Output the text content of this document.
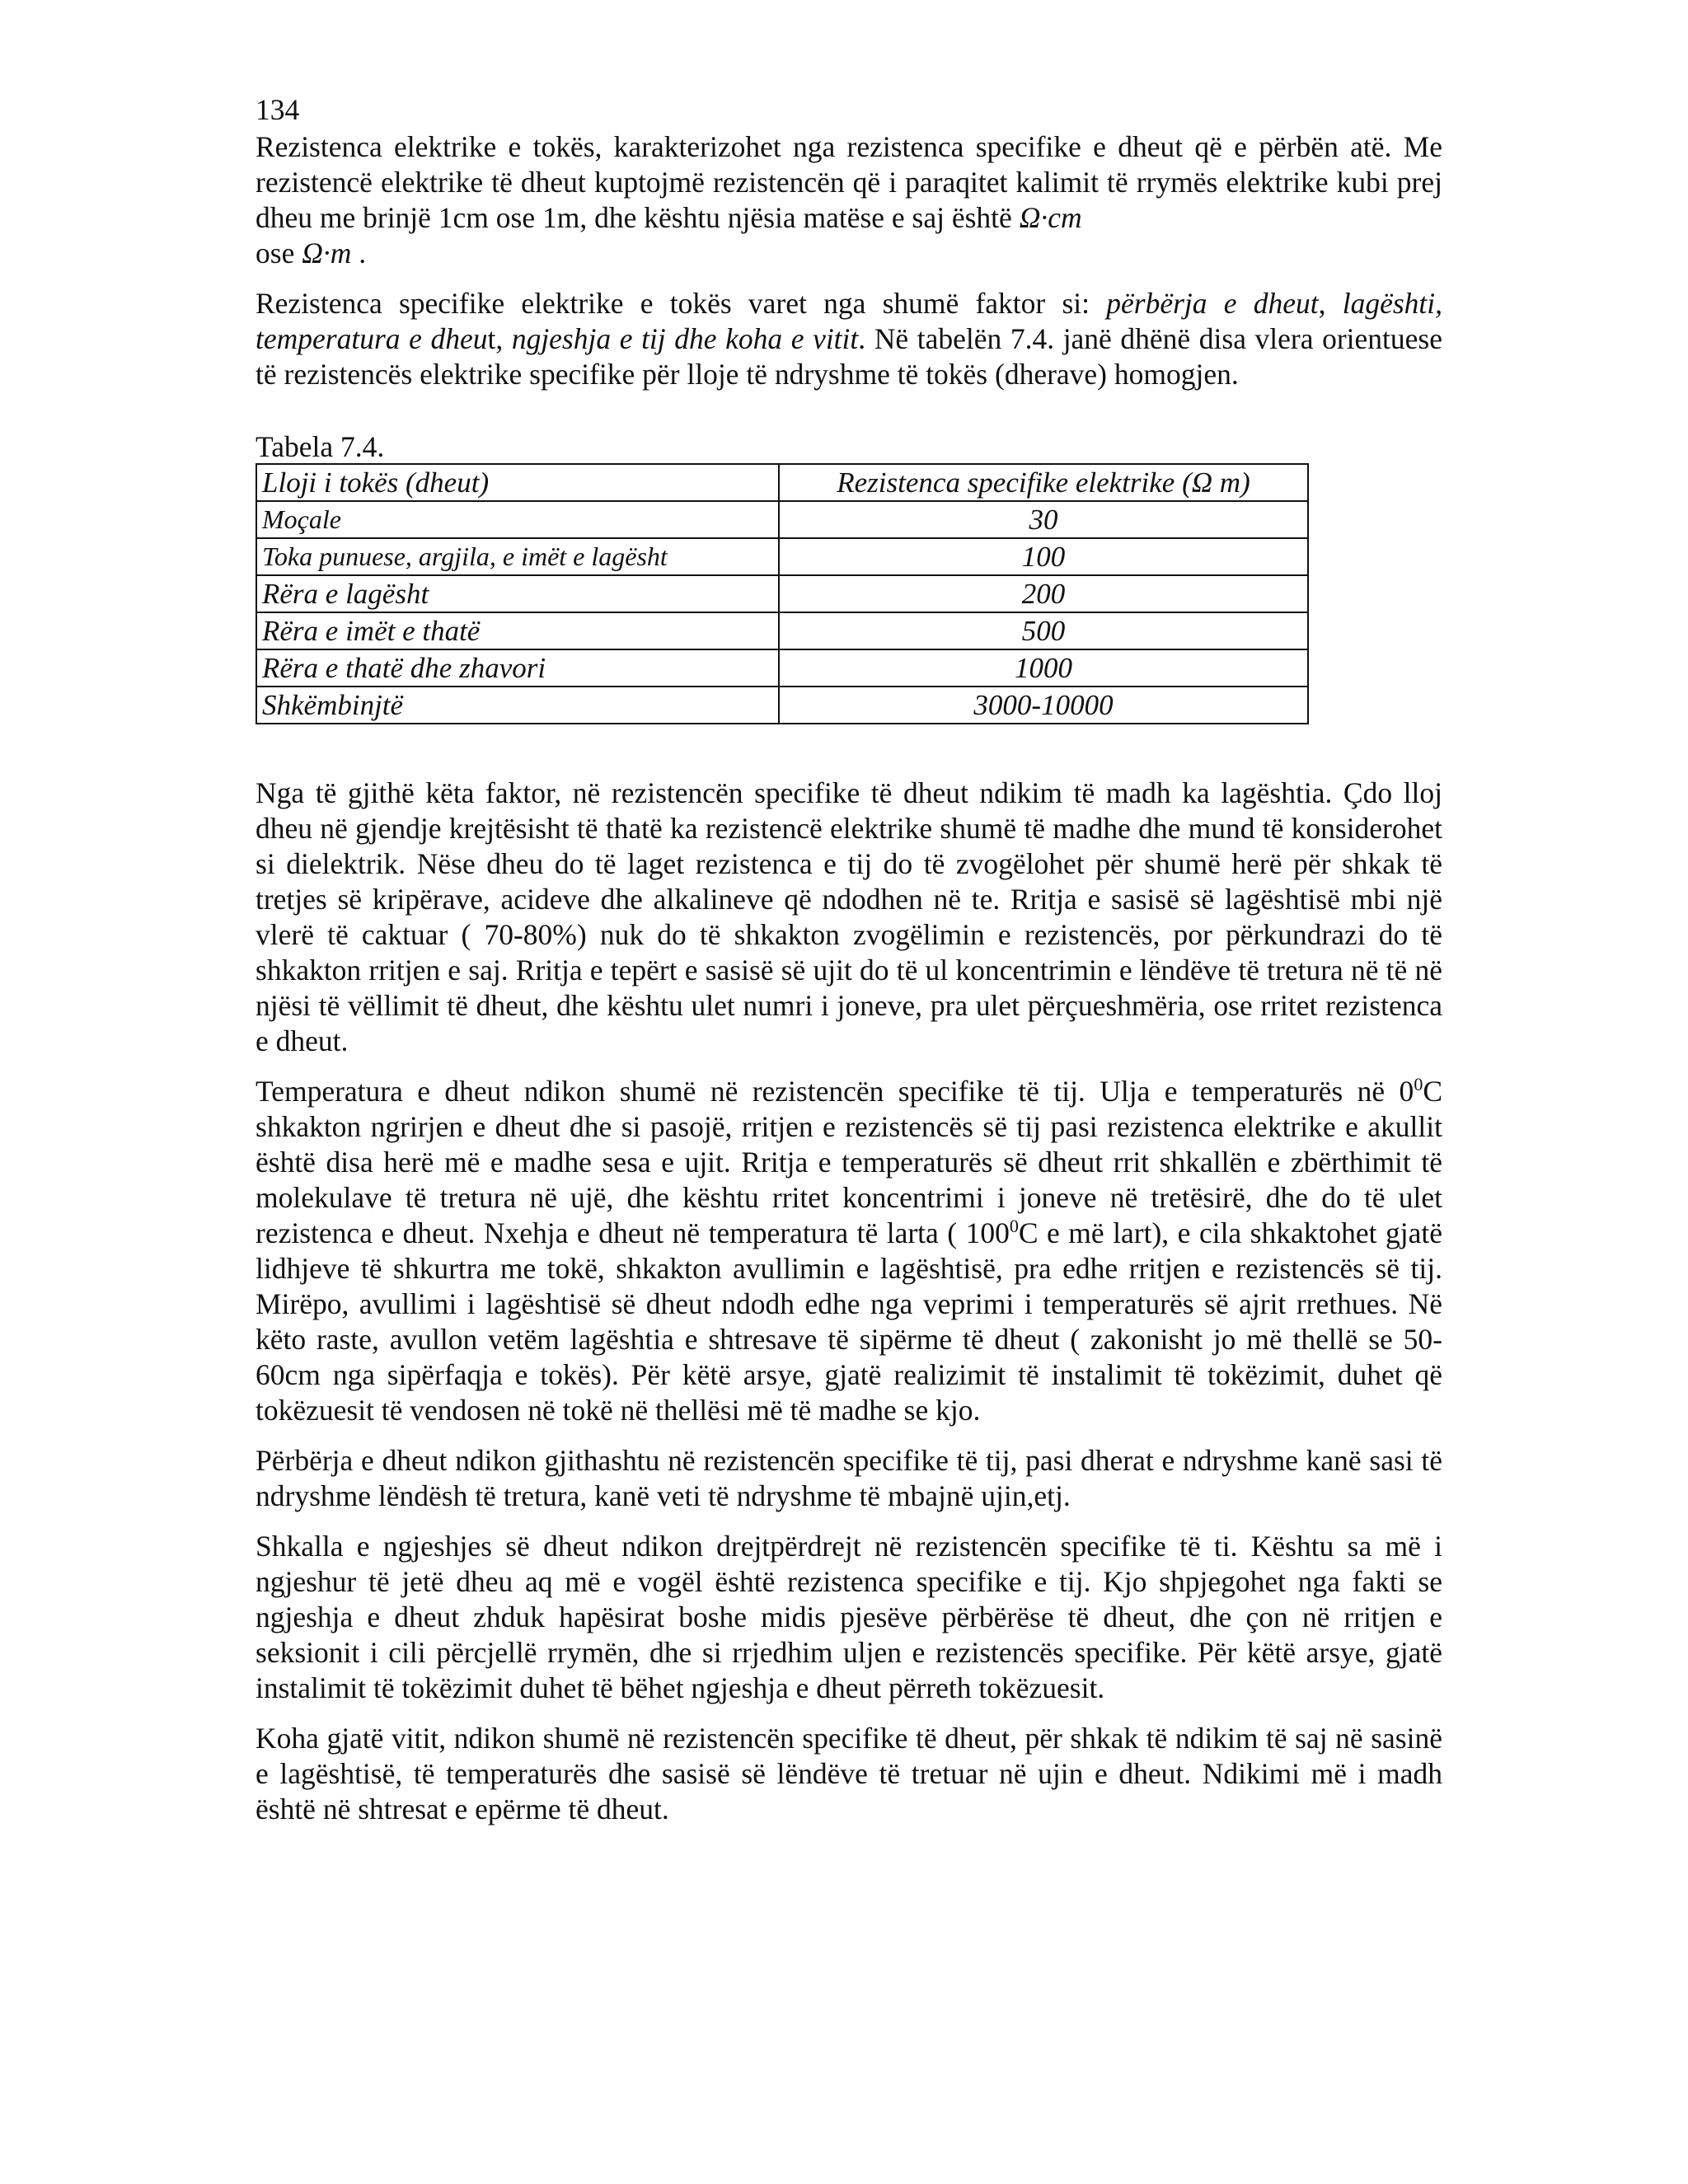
134

Rezistenca elektrike e tokës, karakterizohet nga rezistenca specifike e dheut që e përbën atë. Me rezistencë elektrike të dheut kuptojmë rezistencën që i paraqitet kalimit të rrymës elektrike kubi prej dheu me brinjë 1cm ose 1m, dhe kështu njësia matëse e saj është Ω·cm
ose Ω·m .

Rezistenca specifike elektrike e tokës varet nga shumë faktor si: përbërja e dheut, lagështi, temperatura e dheut, ngjeshja e tij dhe koha e vitit. Në tabelën 7.4. janë dhënë disa vlera orientuese të rezistencës elektrike specifike për lloje të ndryshme të tokës (dherave) homogjen.

Tabela 7.4.
Lloji i tokës (dheut)	Rezistenca specifike elektrike (Ω m)
Moçale	30
Toka punuese, argjila, e imët e lagësht	100
Rëra e lagësht	200
Rëra e imët e thatë	500
Rëra e thatë dhe zhavori	1000
Shkëmbinjtë	3000-10000

Nga të gjithë këta faktor, në rezistencën specifike të dheut ndikim të madh ka lagështia. Çdo lloj dheu në gjendje krejtësisht të thatë ka rezistencë elektrike shumë të madhe dhe mund të konsiderohet si dielektrik. Nëse dheu do të laget rezistenca e tij do të zvogëlohet për shumë herë për shkak të tretjes së kripërave, acideve dhe alkalineve që ndodhen në te. Rritja e sasisë së lagështisë mbi një vlerë të caktuar ( 70-80%) nuk do të shkakton zvogëlimin e rezistencës, por përkundrazi do të shkakton rritjen e saj. Rritja e tepërt e sasisë së ujit do të ul koncentrimin e lëndëve të tretura në të në njësi të vëllimit të dheut, dhe kështu ulet numri i joneve, pra ulet përçueshmëria, ose rritet rezistenca e dheut.

Temperatura e dheut ndikon shumë në rezistencën specifike të tij. Ulja e temperaturës në $0^0C$ shkakton ngrirjen e dheut dhe si pasojë, rritjen e rezistencës së tij pasi rezistenca elektrike e akullit është disa herë më e madhe sesa e ujit. Rritja e temperaturës së dheut rrit shkallën e zbërthimit të molekulave të tretura në ujë, dhe kështu rritet koncentrimi i joneve në tretësirë, dhe do të ulet rezistenca e dheut. Nxehja e dheut në temperatura të larta ( $100^0C$ e më lart), e cila shkaktohet gjatë lidhjeve të shkurtra me tokë, shkakton avullimin e lagështisë, pra edhe rritjen e rezistencës së tij. Mirëpo, avullimi i lagështisë së dheut ndodh edhe nga veprimi i temperaturës së ajrit rrethues. Në këto raste, avullon vetëm lagështia e shtresave të sipërme të dheut ( zakonisht jo më thellë se 50-60cm nga sipërfaqja e tokës). Për këtë arsye, gjatë realizimit të instalimit të tokëzimit, duhet që tokëzuesit të vendosen në tokë në thellësi më të madhe se kjo.

Përbërja e dheut ndikon gjithashtu në rezistencën specifike të tij, pasi dherat e ndryshme kanë sasi të ndryshme lëndësh të tretura, kanë veti të ndryshme të mbajnë ujin,etj.

Shkalla e ngjeshjes së dheut ndikon drejtpërdrejt në rezistencën specifike të ti. Kështu sa më i ngjeshur të jetë dheu aq më e vogël është rezistenca specifike e tij. Kjo shpjegohet nga fakti se ngjeshja e dheut zhduk hapësirat boshe midis pjesëve përbërëse të dheut, dhe çon në rritjen e seksionit i cili përcjellë rrymën, dhe si rrjedhim uljen e rezistencës specifike. Për këtë arsye, gjatë instalimit të tokëzimit duhet të bëhet ngjeshja e dheut përreth tokëzuesit.

Koha gjatë vitit, ndikon shumë në rezistencën specifike të dheut, për shkak të ndikim të saj në sasinë e lagështisë, të temperaturës dhe sasisë së lëndëve të tretuar në ujin e dheut. Ndikimi më i madh është në shtresat e epërme të dheut.
